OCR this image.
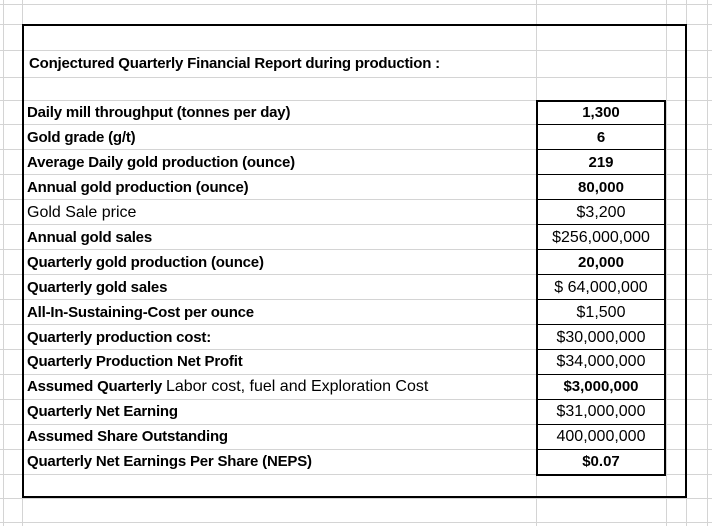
Conjectured Quarterly Financial Report during production :
Daily mill throughput (tonnes per day)
Gold grade (g/t)
Average Daily gold production (ounce)
Annual gold production (ounce)
Gold Sale price
Annual gold sales
Quarterly gold production (ounce)
Quarterly gold sales
All-In-Sustaining-Cost per ounce
Quarterly production cost:
Quarterly Production Net Profit
Assumed Quarterly Labor cost, fuel and Exploration Cost
Quarterly Net Earning
Assumed Share Outstanding
Quarterly Net Earnings Per Share (NEPS)
1,300
6
219
80,000
$3,200
$256,000,000
20,000
$ 64,000,000
$1,500
$30,000,000
$34,000,000
$3,000,000
$31,000,000
400,000,000
$0.07
